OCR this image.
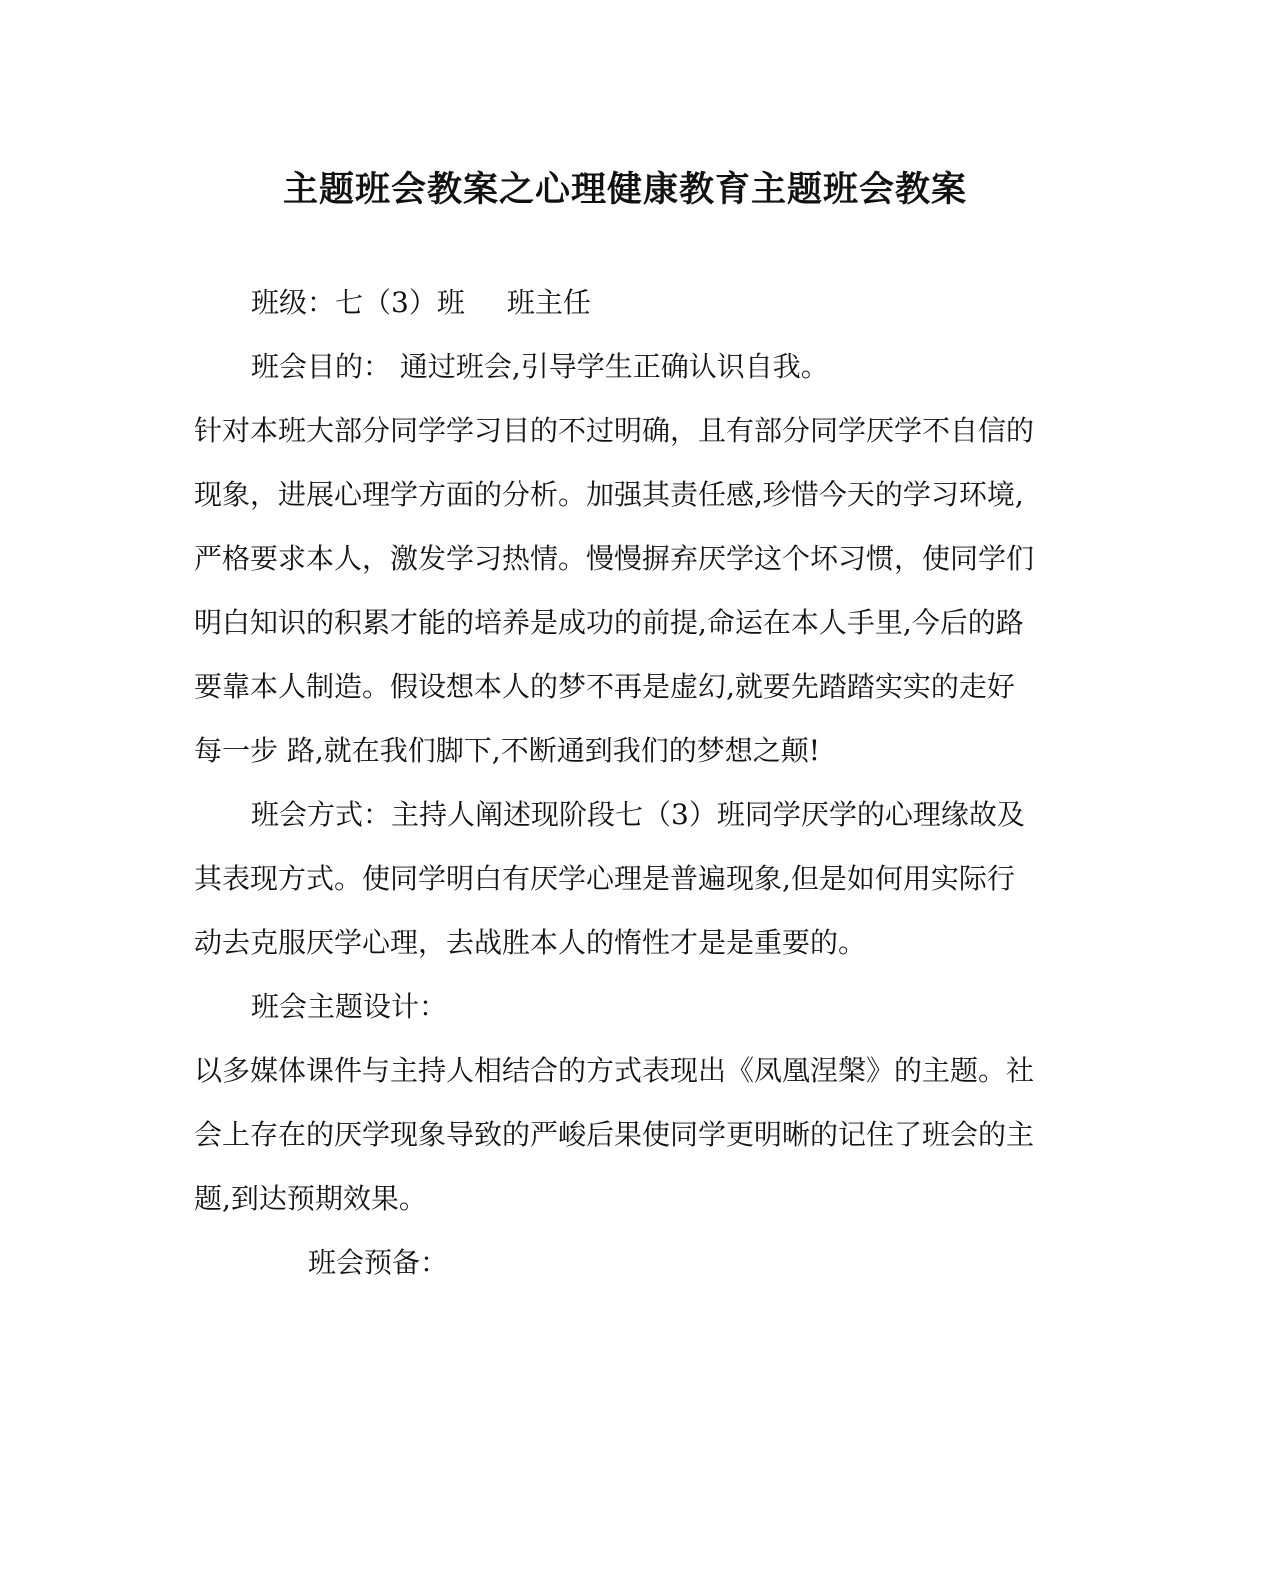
主题班会教案之心理健康教育主题班会教案

班级：七（3）班 班主任

班会目的： 通过班会,引导学生正确认识自我。

针对本班大部分同学学习目的不过明确，且有部分同学厌学不自信的

现象，进展心理学方面的分析。加强其责任感,珍惜今天的学习环境,

严格要求本人，激发学习热情。慢慢摒弃厌学这个坏习惯，使同学们

明白知识的积累才能的培养是成功的前提,命运在本人手里,今后的路

要靠本人制造。假设想本人的梦不再是虚幻,就要先踏踏实实的走好

每一步 路,就在我们脚下,不断通到我们的梦想之颠!

班会方式：主持人阐述现阶段七（3）班同学厌学的心理缘故及

其表现方式。使同学明白有厌学心理是普遍现象,但是如何用实际行

动去克服厌学心理，去战胜本人的惰性才是是重要的。

班会主题设计：

以多媒体课件与主持人相结合的方式表现出《凤凰涅槃》的主题。社

会上存在的厌学现象导致的严峻后果使同学更明晰的记住了班会的主

题,到达预期效果。

班会预备：
